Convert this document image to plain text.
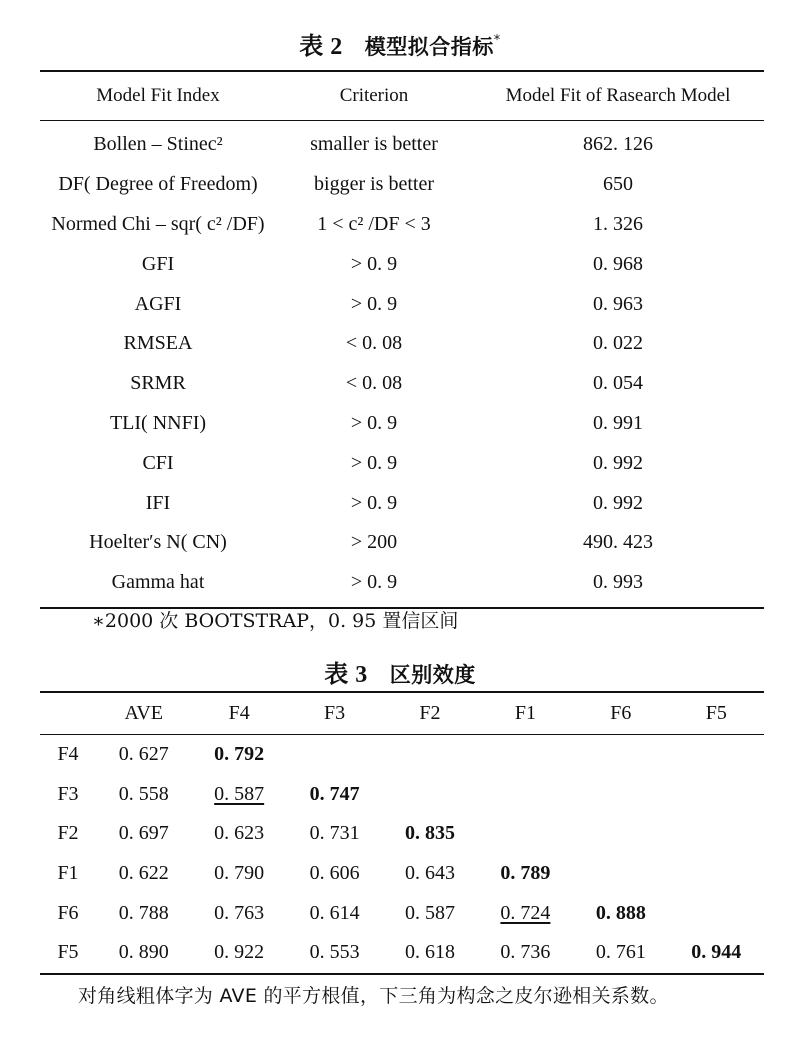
表 2 模型拟合指标*
Model Fit Index	Criterion	Model Fit of Rasearch Model
Bollen – Stinec²	smaller is better	862. 126
DF( Degree of Freedom)	bigger is better	650
Normed Chi – sqr( c² /DF)	1 < c² /DF < 3	1. 326
GFI	> 0. 9	0. 968
AGFI	> 0. 9	0. 963
RMSEA	< 0. 08	0. 022
SRMR	< 0. 08	0. 054
TLI( NNFI)	> 0. 9	0. 991
CFI	> 0. 9	0. 992
IFI	> 0. 9	0. 992
Hoelter′s N( CN)	> 200	490. 423
Gamma hat	> 0. 9	0. 993
∗2000 次 BOOTSTRAP，0. 95 置信区间
表 3 区别效度
	AVE	F4	F3	F2	F1	F6	F5
F4	0. 627	0. 792					
F3	0. 558	0. 587	0. 747				
F2	0. 697	0. 623	0. 731	0. 835			
F1	0. 622	0. 790	0. 606	0. 643	0. 789		
F6	0. 788	0. 763	0. 614	0. 587	0. 724	0. 888	
F5	0. 890	0. 922	0. 553	0. 618	0. 736	0. 761	0. 944
对角线粗体字为 AVE 的平方根值，下三角为构念之皮尔逊相关系数。
